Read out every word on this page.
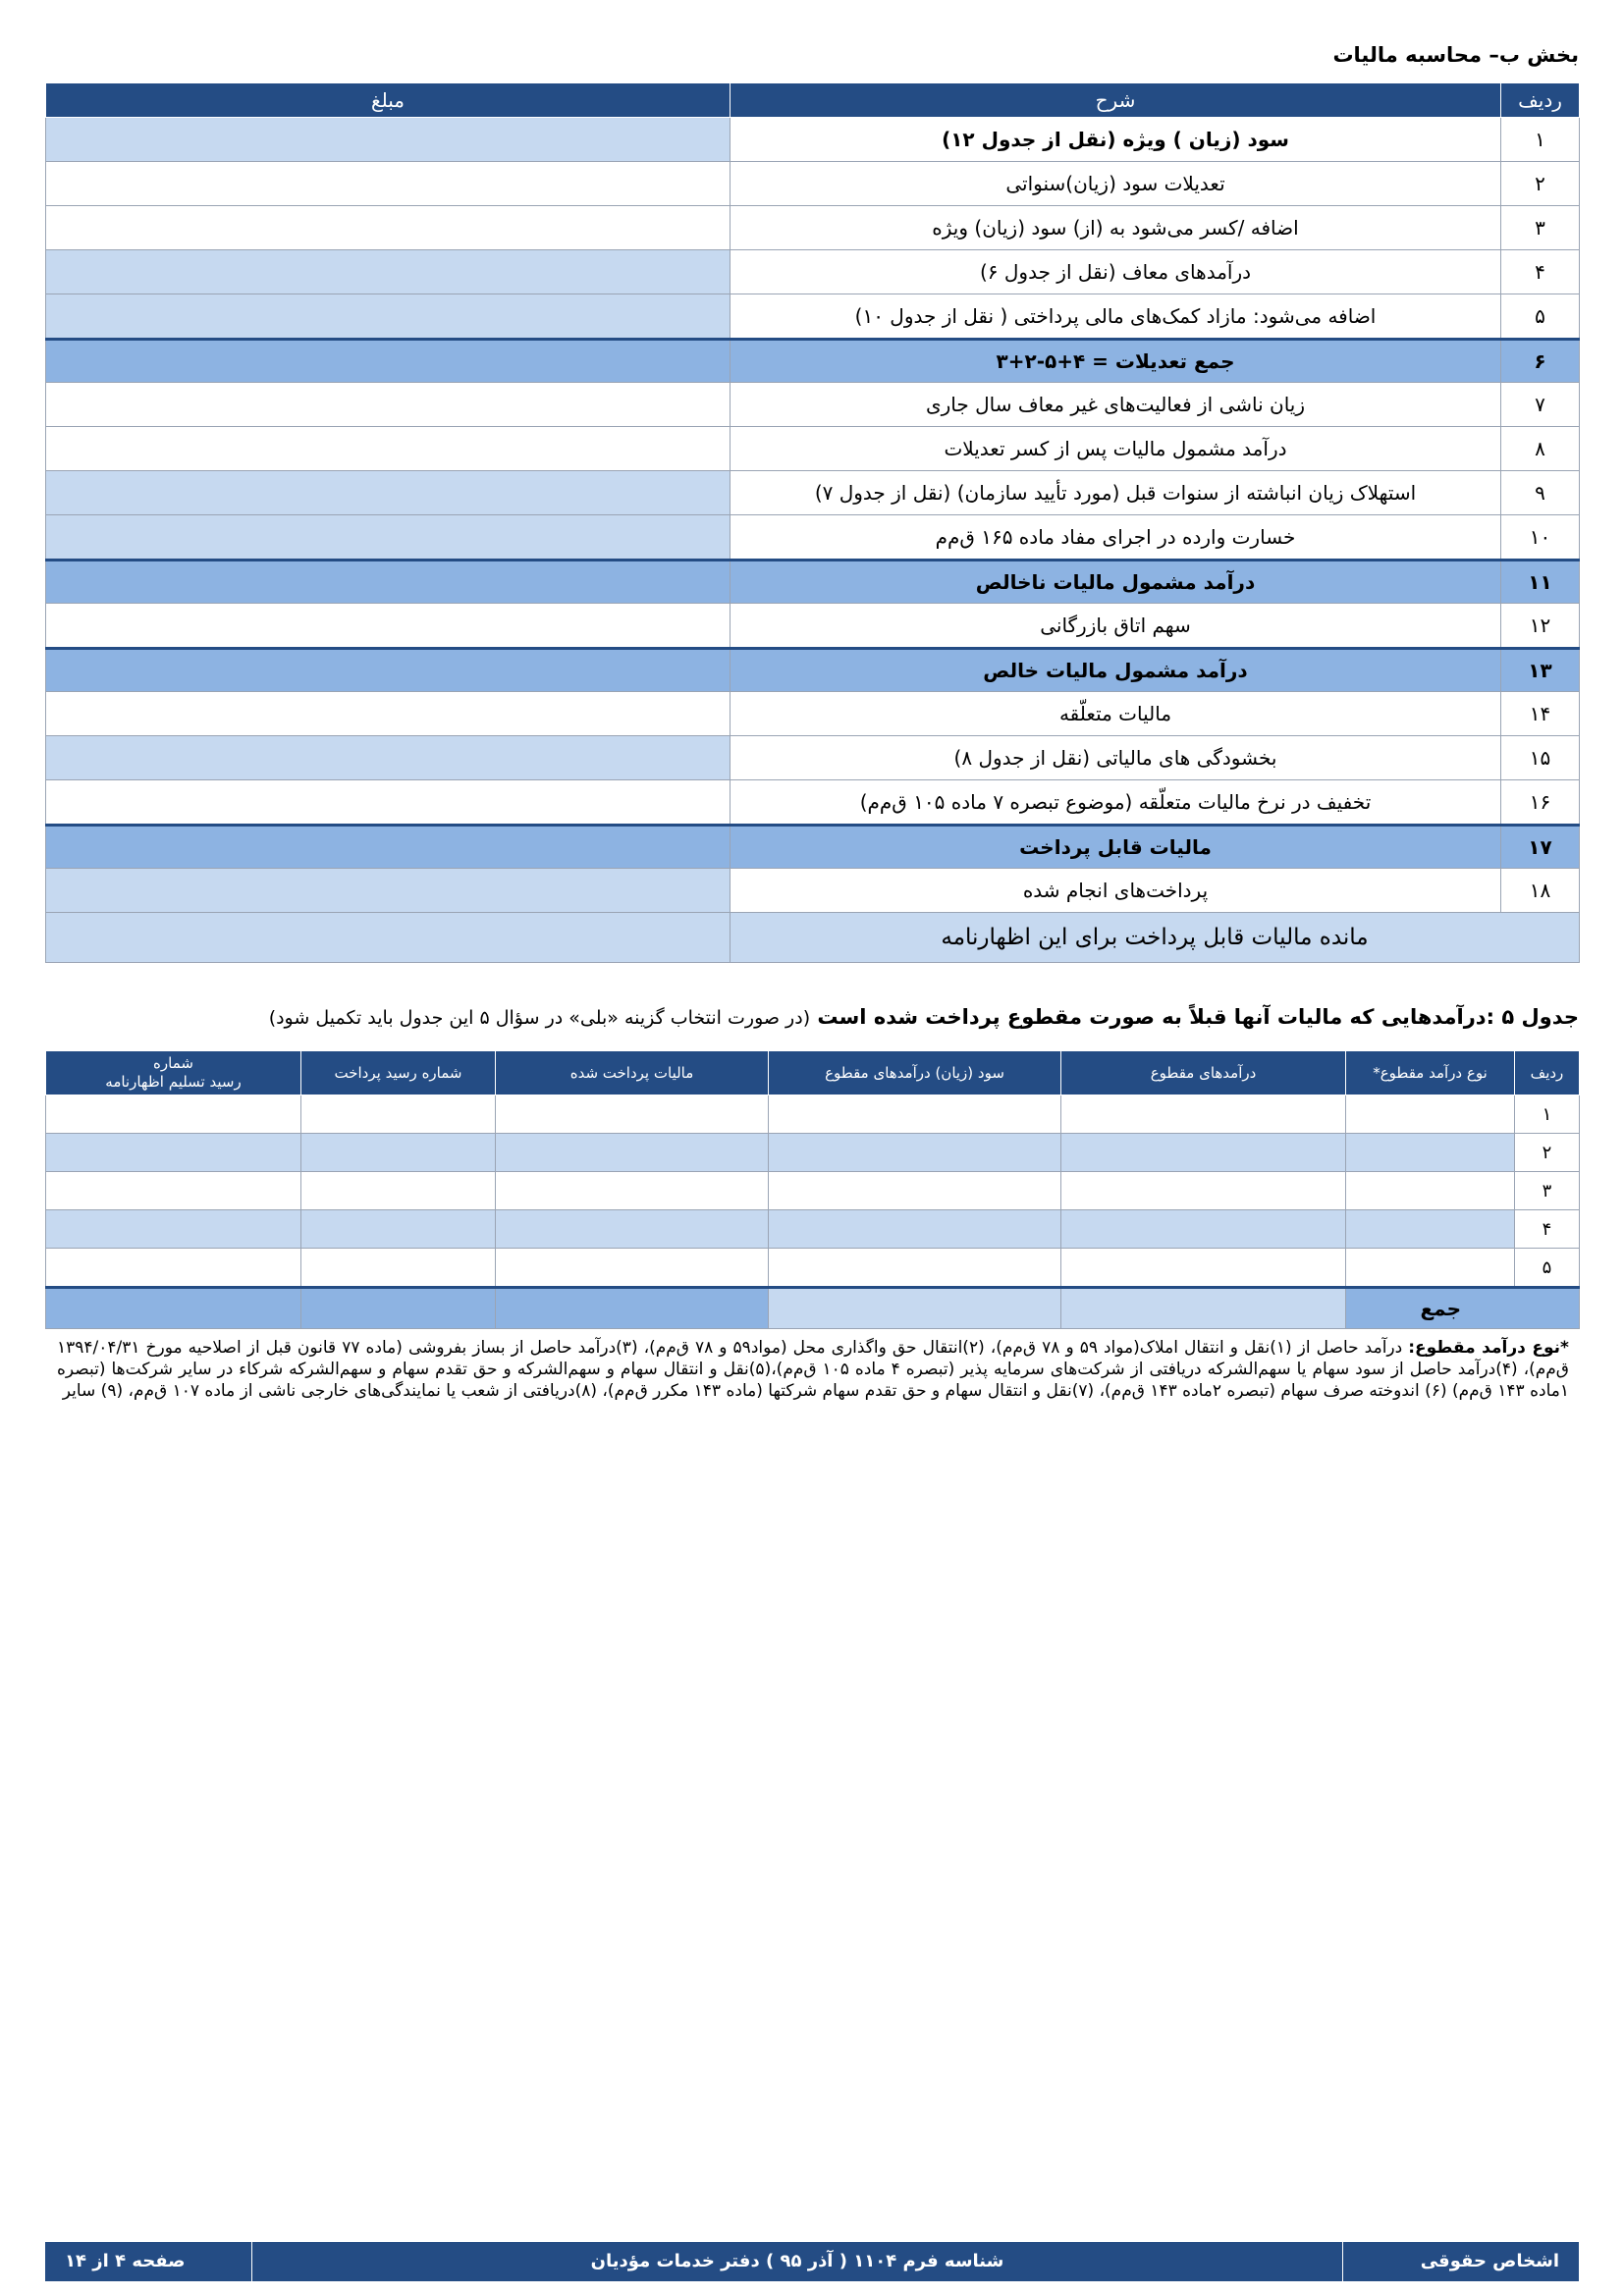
بخش ب– محاسبه مالیات
ردیف	شرح	مبلغ
۱	سود (زیان ) ویژه (نقل از جدول ۱۲)	
۲	تعدیلات سود (زیان)سنواتی	
۳	اضافه /کسر می‌شود به (از) سود (زیان) ویژه	
۴	درآمدهای معاف (نقل از جدول ۶)	
۵	اضافه می‌شود: مازاد کمک‌های مالی پرداختی ( نقل از جدول ۱۰)	
۶	جمع تعدیلات = ۴+۵-۲+۳	
۷	زیان ناشی از فعالیت‌های غیر معاف سال جاری	
۸	درآمد مشمول مالیات پس از کسر تعدیلات	
۹	استهلاک زیان انباشته از سنوات قبل (مورد تأیید سازمان) (نقل از جدول ۷)	
۱۰	خسارت وارده در اجرای مفاد ماده ۱۶۵ ق‌م‌م	
۱۱	درآمد مشمول مالیات ناخالص	
۱۲	سهم اتاق بازرگانی	
۱۳	درآمد مشمول مالیات خالص	
۱۴	مالیات متعلّقه	
۱۵	بخشودگی های مالیاتی (نقل از جدول ۸)	
۱۶	تخفیف در نرخ مالیات متعلّقه (موضوع تبصره ۷ ماده ۱۰۵ ق‌م‌م)	
۱۷	مالیات قابل پرداخت	
۱۸	پرداخت‌های انجام شده	
مانده مالیات قابل پرداخت برای این اظهارنامه		
جدول ۵ :درآمدهایی که مالیات آنها قبلاً به صورت مقطوع پرداخت شده است (در صورت انتخاب گزینه «بلی» در سؤال ۵ این جدول باید تکمیل شود)
ردیف	نوع درآمد مقطوع*	درآمدهای مقطوع	سود (زیان) درآمدهای مقطوع	مالیات پرداخت شده	شماره رسید پرداخت	شماره
رسید تسلیم اظهارنامه
۱						
۲						
۳						
۴						
۵						
جمع						
*نوع درآمد مقطوع: درآمد حاصل از (۱)نقل و انتقال املاک(مواد ۵۹ و ۷۸ ق‌م‌م)، (۲)انتقال حق واگذاری محل (مواد۵۹ و ۷۸ ق‌م‌م)، (۳)درآمد حاصل از بساز بفروشی (ماده ۷۷ قانون قبل از اصلاحیه مورخ ۱۳۹۴/۰۴/۳۱ ق‌م‌م)، (۴)درآمد حاصل از سود سهام یا سهم‌الشرکه دریافتی از شرکت‌های سرمایه پذیر (تبصره ۴ ماده ۱۰۵ ق‌م‌م)،(۵)نقل و انتقال سهام و سهم‌الشرکه و حق تقدم سهام و سهم‌الشرکه شرکاء در سایر شرکت‌ها (تبصره ۱ماده ۱۴۳ ق‌م‌م) (۶) اندوخته صرف سهام (تبصره ۲ماده ۱۴۳ ق‌م‌م)، (۷)نقل و انتقال سهام و حق تقدم سهام شرکتها (ماده ۱۴۳ مکرر ق‌م‌م)، (۸)دریافتی از شعب یا نمایندگی‌های خارجی ناشی از ماده ۱۰۷ ق‌م‌م، (۹) سایر
اشخاص حقوقی
شناسه فرم ۱۱۰۴ ( آذر ۹۵ ) دفتر خدمات مؤدیان
صفحه ۴ از ۱۴
